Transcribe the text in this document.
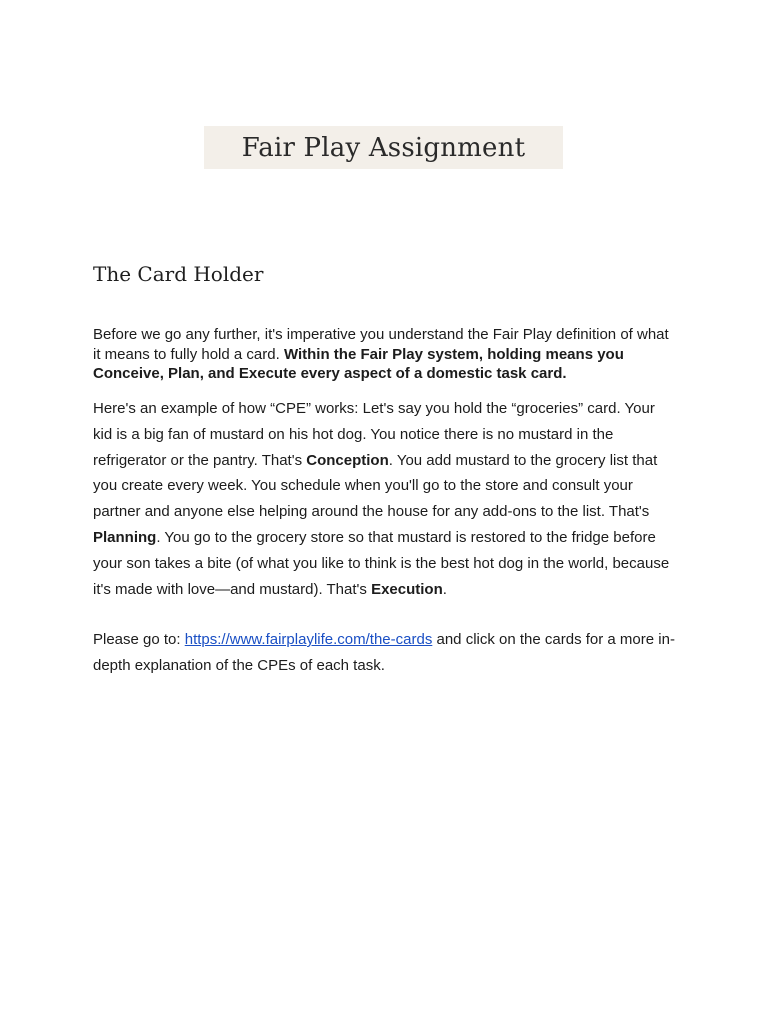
Fair Play Assignment
The Card Holder

Before we go any further, it's imperative you understand the Fair Play definition of what it means to fully hold a card. Within the Fair Play system, holding means you Conceive, Plan, and Execute every aspect of a domestic task card.

Here's an example of how “CPE” works: Let's say you hold the “groceries” card. Your kid is a big fan of mustard on his hot dog. You notice there is no mustard in the refrigerator or the pantry. That's Conception. You add mustard to the grocery list that you create every week. You schedule when you'll go to the store and consult your partner and anyone else helping around the house for any add-ons to the list. That's Planning. You go to the grocery store so that mustard is restored to the fridge before your son takes a bite (of what you like to think is the best hot dog in the world, because it's made with love—and mustard). That's Execution.

Please go to: https://www.fairplaylife.com/the-cards and click on the cards for a more in-depth explanation of the CPEs of each task.
